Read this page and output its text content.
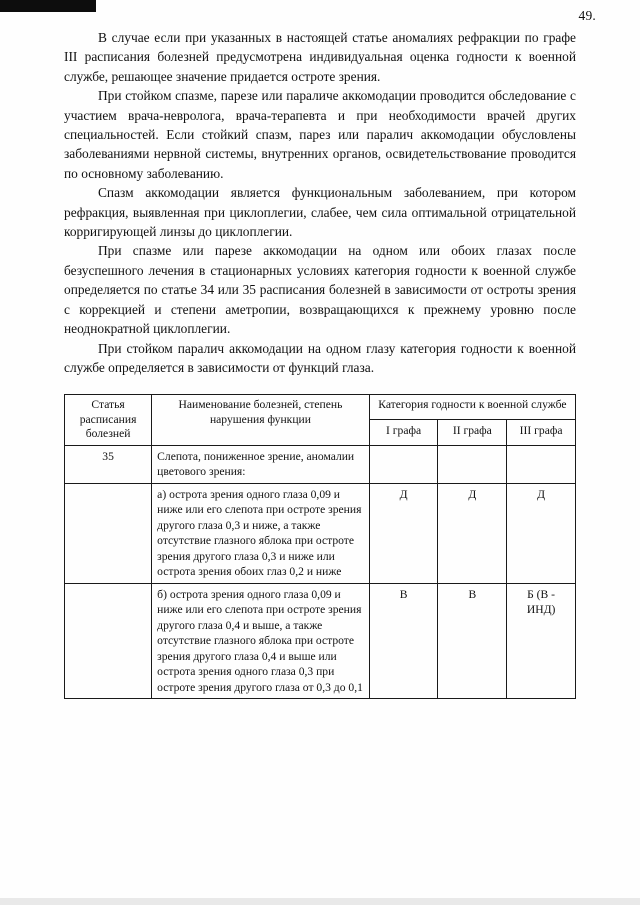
49.

В случае если при указанных в настоящей статье аномалиях рефракции по графе III расписания болезней предусмотрена индивидуальная оценка годности к военной службе, решающее значение придается остроте зрения.

При стойком спазме, парезе или параличе аккомодации проводится обследование с участием врача-невролога, врача-терапевта и при необходимости врачей других специальностей. Если стойкий спазм, парез или паралич аккомодации обусловлены заболеваниями нервной системы, внутренних органов, освидетельствование проводится по основному заболеванию.

Спазм аккомодации является функциональным заболеванием, при котором рефракция, выявленная при циклоплегии, слабее, чем сила оптимальной отрицательной корригирующей линзы до циклоплегии.

При спазме или парезе аккомодации на одном или обоих глазах после безуспешного лечения в стационарных условиях категория годности к военной службе определяется по статье 34 или 35 расписания болезней в зависимости от остроты зрения с коррекцией и степени аметропии, возвращающихся к прежнему уровню после неоднократной циклоплегии.

При стойком паралич аккомодации на одном глазу категория годности к военной службе определяется в зависимости от функций глаза.

Статья расписания болезней	Наименование болезней, степень нарушения функции	Категория годности к военной службе		
		I графа	II графа	III графа
35	Слепота, пониженное зрение, аномалии цветового зрения:			
	а) острота зрения одного глаза 0,09 и ниже или его слепота при остроте зрения другого глаза 0,3 и ниже, а также отсутствие глазного яблока при остроте зрения другого глаза 0,3 и ниже или острота зрения обоих глаз 0,2 и ниже	Д	Д	Д
	б) острота зрения одного глаза 0,09 и ниже или его слепота при остроте зрения другого глаза 0,4 и выше, а также отсутствие глазного яблока при остроте зрения другого глаза 0,4 и выше или острота зрения одного глаза 0,3 при остроте зрения другого глаза от 0,3 до 0,1	В	В	Б (В - ИНД)
